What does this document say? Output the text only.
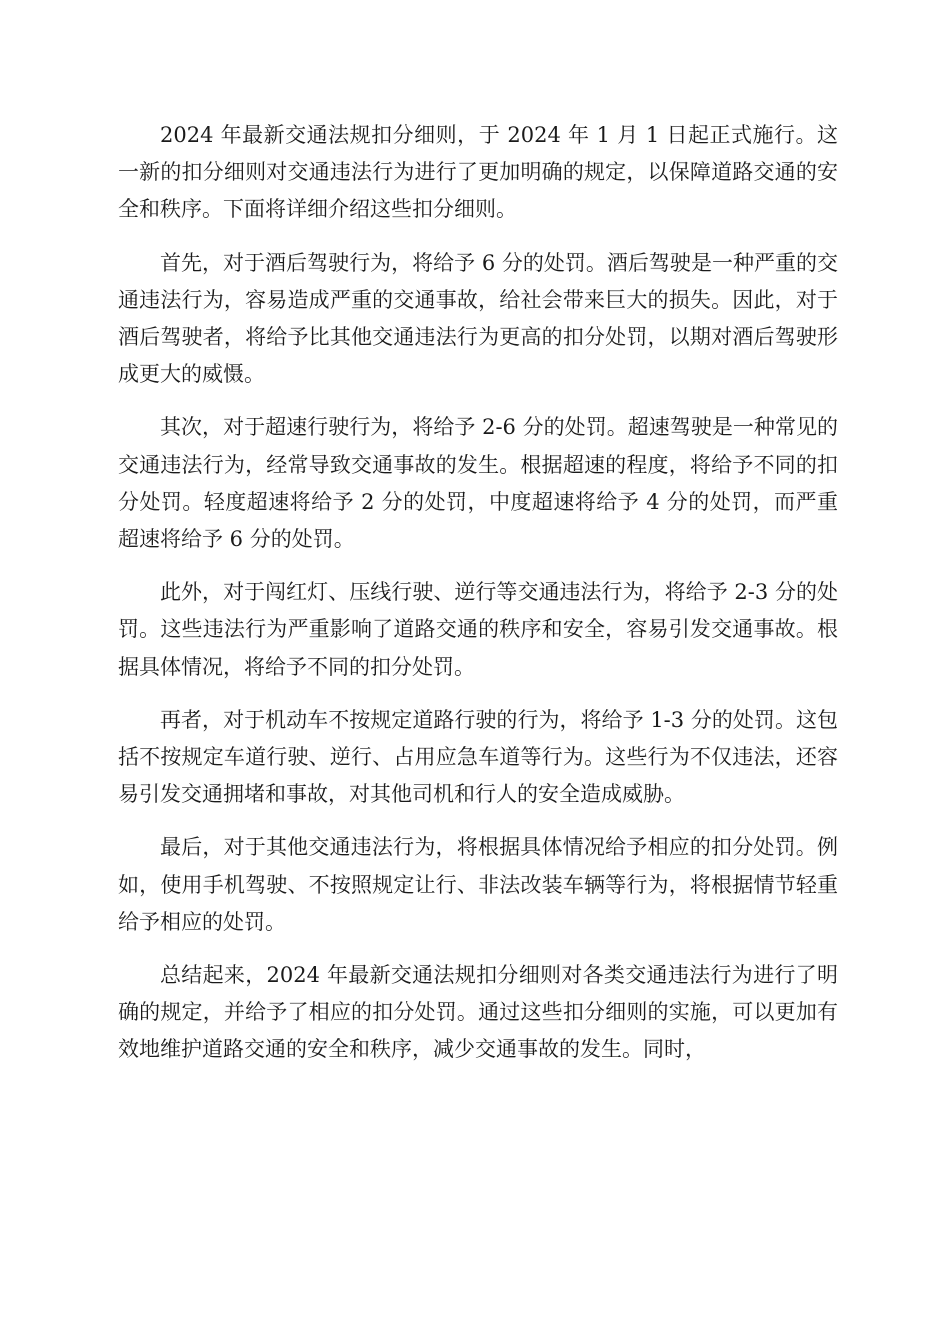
2024 年最新交通法规扣分细则，于 2024 年 1 月 1 日起正式施行。这一新的扣分细则对交通违法行为进行了更加明确的规定，以保障道路交通的安全和秩序。下面将详细介绍这些扣分细则。

首先，对于酒后驾驶行为，将给予 6 分的处罚。酒后驾驶是一种严重的交通违法行为，容易造成严重的交通事故，给社会带来巨大的损失。因此，对于酒后驾驶者，将给予比其他交通违法行为更高的扣分处罚，以期对酒后驾驶形成更大的威慑。

其次，对于超速行驶行为，将给予 2-6 分的处罚。超速驾驶是一种常见的交通违法行为，经常导致交通事故的发生。根据超速的程度，将给予不同的扣分处罚。轻度超速将给予 2 分的处罚，中度超速将给予 4 分的处罚，而严重超速将给予 6 分的处罚。

此外，对于闯红灯、压线行驶、逆行等交通违法行为，将给予 2-3 分的处罚。这些违法行为严重影响了道路交通的秩序和安全，容易引发交通事故。根据具体情况，将给予不同的扣分处罚。

再者，对于机动车不按规定道路行驶的行为，将给予 1-3 分的处罚。这包括不按规定车道行驶、逆行、占用应急车道等行为。这些行为不仅违法，还容易引发交通拥堵和事故，对其他司机和行人的安全造成威胁。

最后，对于其他交通违法行为，将根据具体情况给予相应的扣分处罚。例如，使用手机驾驶、不按照规定让行、非法改装车辆等行为，将根据情节轻重给予相应的处罚。

总结起来，2024 年最新交通法规扣分细则对各类交通违法行为进行了明确的规定，并给予了相应的扣分处罚。通过这些扣分细则的实施，可以更加有效地维护道路交通的安全和秩序，减少交通事故的发生。同时，
